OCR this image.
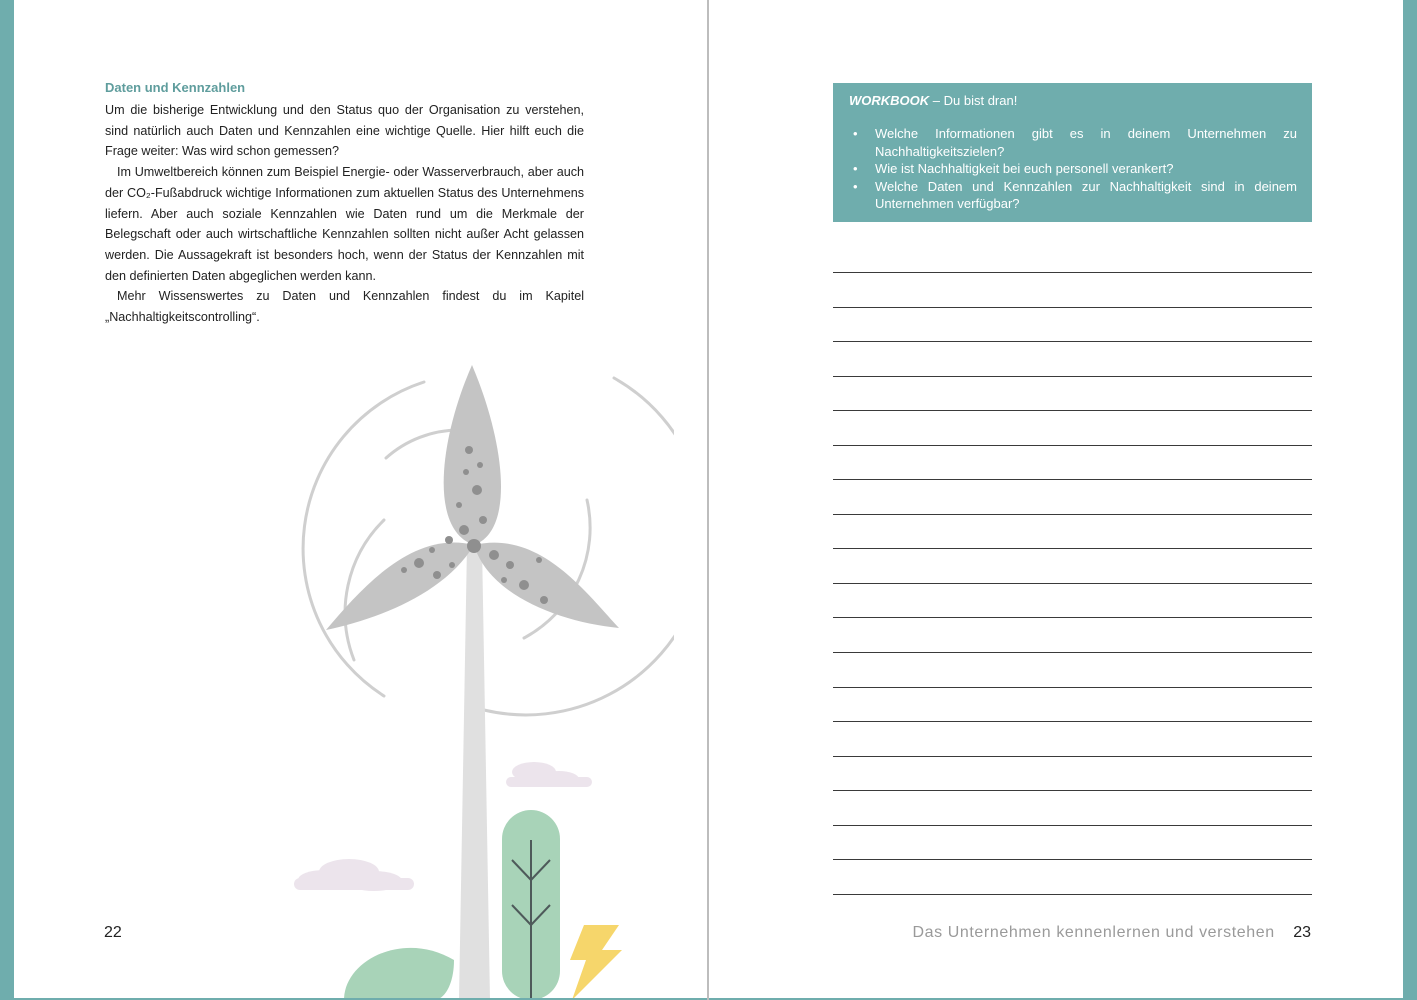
Daten und Kennzahlen

Um die bisherige Entwicklung und den Status quo der Organisation zu verstehen, sind natürlich auch Daten und Kennzahlen eine wichtige Quelle. Hier hilft euch die Frage weiter: Was wird schon gemessen?

Im Umweltbereich können zum Beispiel Energie- oder Wasserverbrauch, aber auch der CO₂-Fußabdruck wichtige Informationen zum aktuellen Status des Unternehmens liefern. Aber auch soziale Kennzahlen wie Daten rund um die Merkmale der Belegschaft oder auch wirtschaftliche Kennzahlen sollten nicht außer Acht gelassen werden. Die Aussagekraft ist besonders hoch, wenn der Status der Kennzahlen mit den definierten Daten abgeglichen werden kann.

Mehr Wissenswertes zu Daten und Kennzahlen findest du im Kapitel „Nachhaltigkeitscontrolling“.

22

WORKBOOK – Du bist dran!

• Welche Informationen gibt es in deinem Unternehmen zu Nachhaltigkeitszielen?
• Wie ist Nachhaltigkeit bei euch personell verankert?
• Welche Daten und Kennzahlen zur Nachhaltigkeit sind in deinem Unternehmen verfügbar?
Das Unternehmen kennenlernen und verstehen 23
